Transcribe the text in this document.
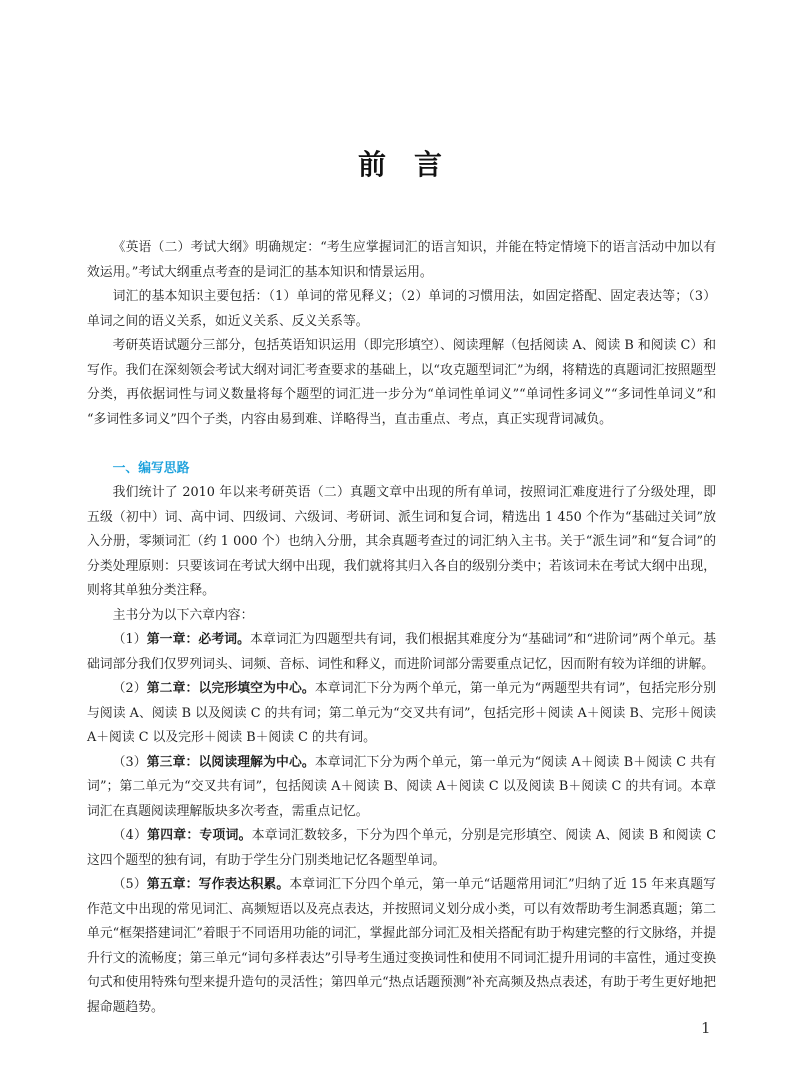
前　言

《英语（二）考试大纲》明确规定：“考生应掌握词汇的语言知识，并能在特定情境下的语言活动中加以有效运用。”考试大纲重点考查的是词汇的基本知识和情景运用。

词汇的基本知识主要包括：（1）单词的常见释义；（2）单词的习惯用法，如固定搭配、固定表达等；（3）单词之间的语义关系，如近义关系、反义关系等。

考研英语试题分三部分，包括英语知识运用（即完形填空）、阅读理解（包括阅读 A、阅读 B 和阅读 C）和写作。我们在深刻领会考试大纲对词汇考查要求的基础上，以“攻克题型词汇”为纲，将精选的真题词汇按照题型分类，再依据词性与词义数量将每个题型的词汇进一步分为“单词性单词义”“单词性多词义”“多词性单词义”和“多词性多词义”四个子类，内容由易到难、详略得当，直击重点、考点，真正实现背词减负。

一、编写思路

我们统计了 2010 年以来考研英语（二）真题文章中出现的所有单词，按照词汇难度进行了分级处理，即五级（初中）词、高中词、四级词、六级词、考研词、派生词和复合词，精选出 1 450 个作为“基础过关词”放入分册，零频词汇（约 1 000 个）也纳入分册，其余真题考查过的词汇纳入主书。关于“派生词”和“复合词”的分类处理原则：只要该词在考试大纲中出现，我们就将其归入各自的级别分类中；若该词未在考试大纲中出现，则将其单独分类注释。

主书分为以下六章内容：

（1）第一章：必考词。本章词汇为四题型共有词，我们根据其难度分为“基础词”和“进阶词”两个单元。基础词部分我们仅罗列词头、词频、音标、词性和释义，而进阶词部分需要重点记忆，因而附有较为详细的讲解。

（2）第二章：以完形填空为中心。本章词汇下分为两个单元，第一单元为“两题型共有词”，包括完形分别与阅读 A、阅读 B 以及阅读 C 的共有词；第二单元为“交叉共有词”，包括完形＋阅读 A＋阅读 B、完形＋阅读 A＋阅读 C 以及完形＋阅读 B＋阅读 C 的共有词。

（3）第三章：以阅读理解为中心。本章词汇下分为两个单元，第一单元为“阅读 A＋阅读 B＋阅读 C 共有词”；第二单元为“交叉共有词”，包括阅读 A＋阅读 B、阅读 A＋阅读 C 以及阅读 B＋阅读 C 的共有词。本章词汇在真题阅读理解版块多次考查，需重点记忆。

（4）第四章：专项词。本章词汇数较多，下分为四个单元，分别是完形填空、阅读 A、阅读 B 和阅读 C 这四个题型的独有词，有助于学生分门别类地记忆各题型单词。

（5）第五章：写作表达积累。本章词汇下分四个单元，第一单元“话题常用词汇”归纳了近 15 年来真题写作范文中出现的常见词汇、高频短语以及亮点表达，并按照词义划分成小类，可以有效帮助考生洞悉真题；第二单元“框架搭建词汇”着眼于不同语用功能的词汇，掌握此部分词汇及相关搭配有助于构建完整的行文脉络，并提升行文的流畅度；第三单元“词句多样表达”引导考生通过变换词性和使用不同词汇提升用词的丰富性，通过变换句式和使用特殊句型来提升造句的灵活性；第四单元“热点话题预测”补充高频及热点表述，有助于考生更好地把握命题趋势。

1
